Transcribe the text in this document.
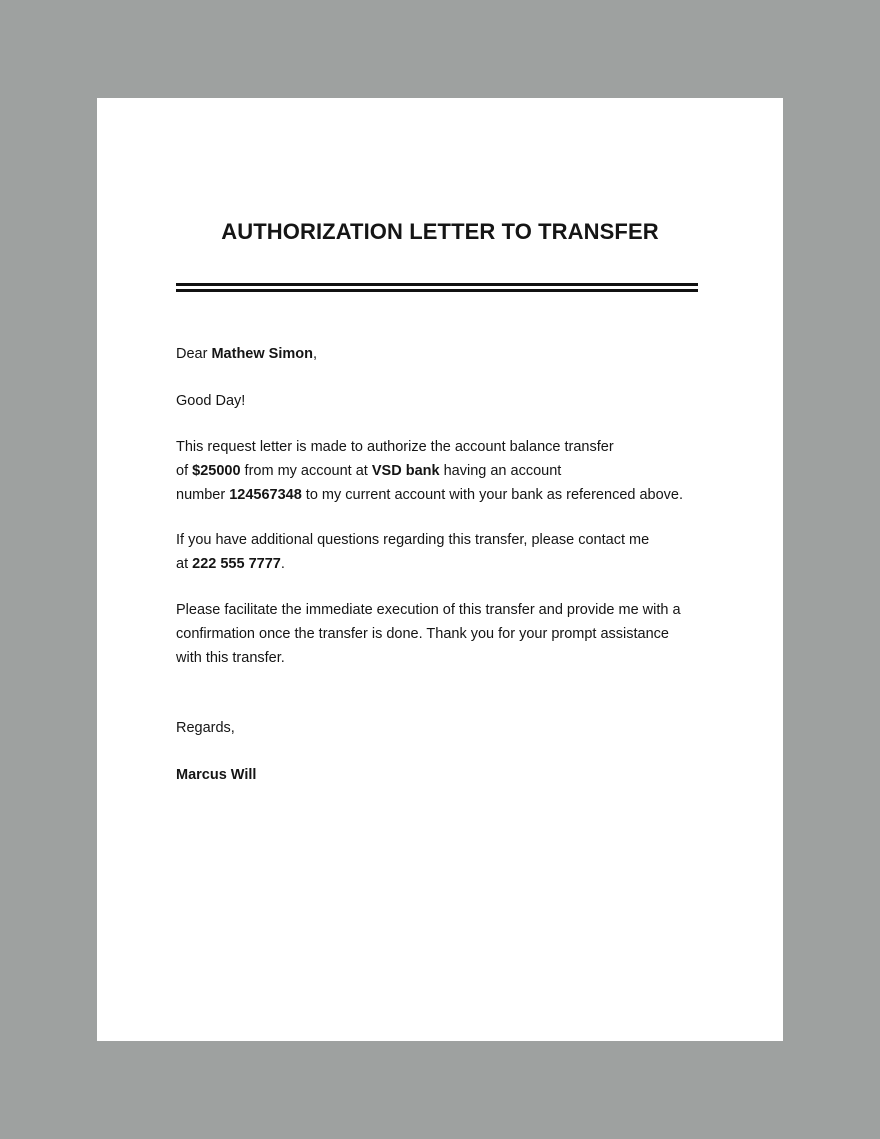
AUTHORIZATION LETTER TO TRANSFER

Dear Mathew Simon,

Good Day!

This request letter is made to authorize the account balance transfer
of $25000 from my account at VSD bank having an account
number 124567348 to my current account with your bank as referenced above.

If you have additional questions regarding this transfer, please contact me
at 222 555 7777.

Please facilitate the immediate execution of this transfer and provide me with a
confirmation once the transfer is done. Thank you for your prompt assistance
with this transfer.

Regards,

Marcus Will
